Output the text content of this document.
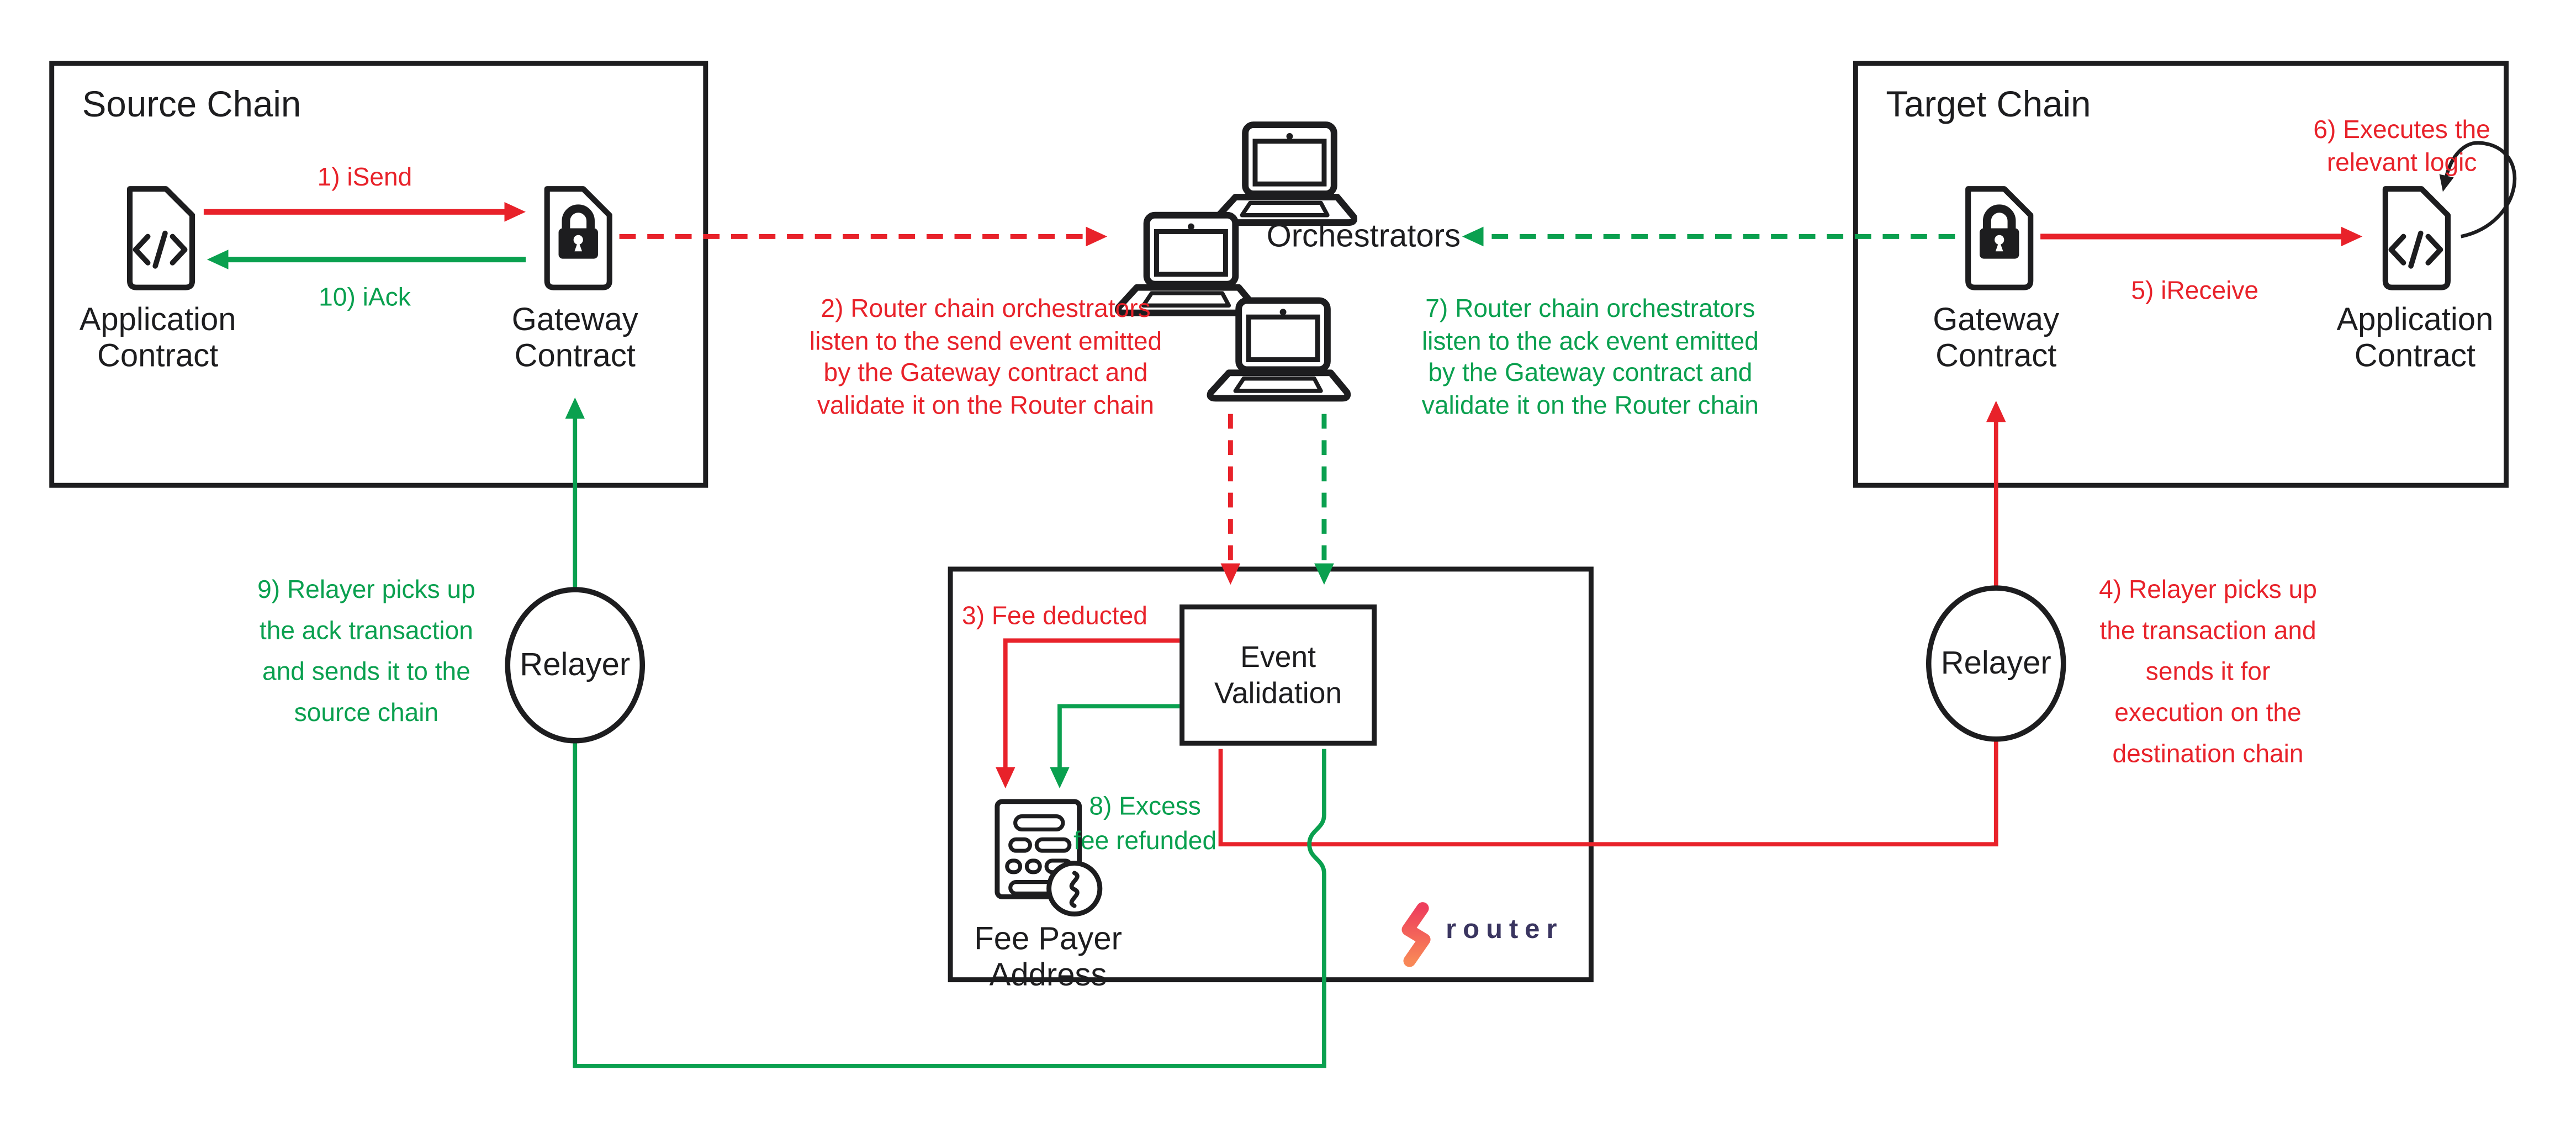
Source Chain	Target Chain
1) iSend
10) iAck
Application
Contract
Gateway
Contract
Gateway
Contract
Application
Contract
Orchestrators
2) Router chain orchestrators
listen to the send event emitted
by the Gateway contract and
validate it on the Router chain
7) Router chain orchestrators
listen to the ack event emitted
by the Gateway contract and
validate it on the Router chain
9) Relayer picks up
the ack transaction
and sends it to the
source chain
4) Relayer picks up
the transaction and
sends it for
execution on the
destination chain
6) Executes the
relevant logic
5) iReceive
3) Fee deducted
8) Excess
fee refunded
Event
Validation
Fee Payer
Address
Relayer	Relayer
router
